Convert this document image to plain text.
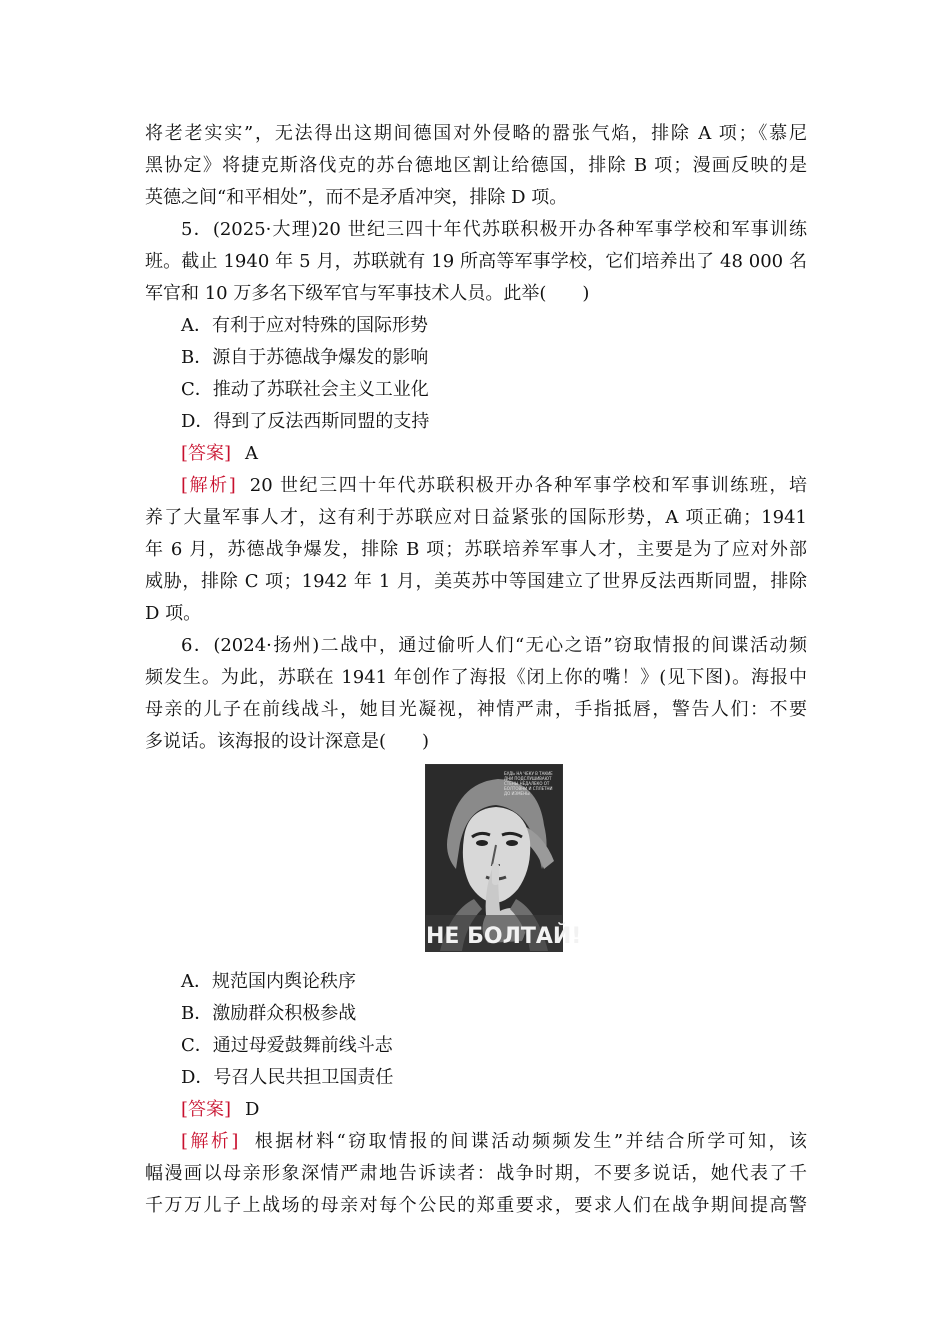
将老老实实”，无法得出这期间德国对外侵略的嚣张气焰，排除 A 项；《慕尼
黑协定》将捷克斯洛伐克的苏台德地区割让给德国，排除 B 项；漫画反映的是
英德之间“和平相处”，而不是矛盾冲突，排除 D 项。
5．(2025·大理)20 世纪三四十年代苏联积极开办各种军事学校和军事训练
班。截止 1940 年 5 月，苏联就有 19 所高等军事学校，它们培养出了 48 000 名
军官和 10 万多名下级军官与军事技术人员。此举(　　)
A．有利于应对特殊的国际形势
B．源自于苏德战争爆发的影响
C．推动了苏联社会主义工业化
D．得到了反法西斯同盟的支持
[答案] A
[解析] 20 世纪三四十年代苏联积极开办各种军事学校和军事训练班，培
养了大量军事人才，这有利于苏联应对日益紧张的国际形势，A 项正确；1941
年 6 月，苏德战争爆发，排除 B 项；苏联培养军事人才，主要是为了应对外部
威胁，排除 C 项；1942 年 1 月，美英苏中等国建立了世界反法西斯同盟，排除
D 项。
6．(2024·扬州)二战中，通过偷听人们“无心之语”窃取情报的间谍活动频
频发生。为此，苏联在 1941 年创作了海报《闭上你的嘴！》(见下图)。海报中
母亲的儿子在前线战斗，她目光凝视，神情严肃，手指抵唇，警告人们：不要
多说话。该海报的设计深意是(　　)
БУДЬ НА ЧЕКУ В ТАКИЕ ДНИ ПОДСЛУШИВАЮТ СТЕНЫ НЕДАЛЕКО ОТ БОЛТОВНИ И СПЛЕТНИ ДО ИЗМЕНЫ
НЕ БОЛТАЙ!
A．规范国内舆论秩序
B．激励群众积极参战
C．通过母爱鼓舞前线斗志
D．号召人民共担卫国责任
[答案] D
[解析] 根据材料“窃取情报的间谍活动频频发生”并结合所学可知，该
幅漫画以母亲形象深情严肃地告诉读者：战争时期，不要多说话，她代表了千
千万万儿子上战场的母亲对每个公民的郑重要求，要求人们在战争期间提高警
